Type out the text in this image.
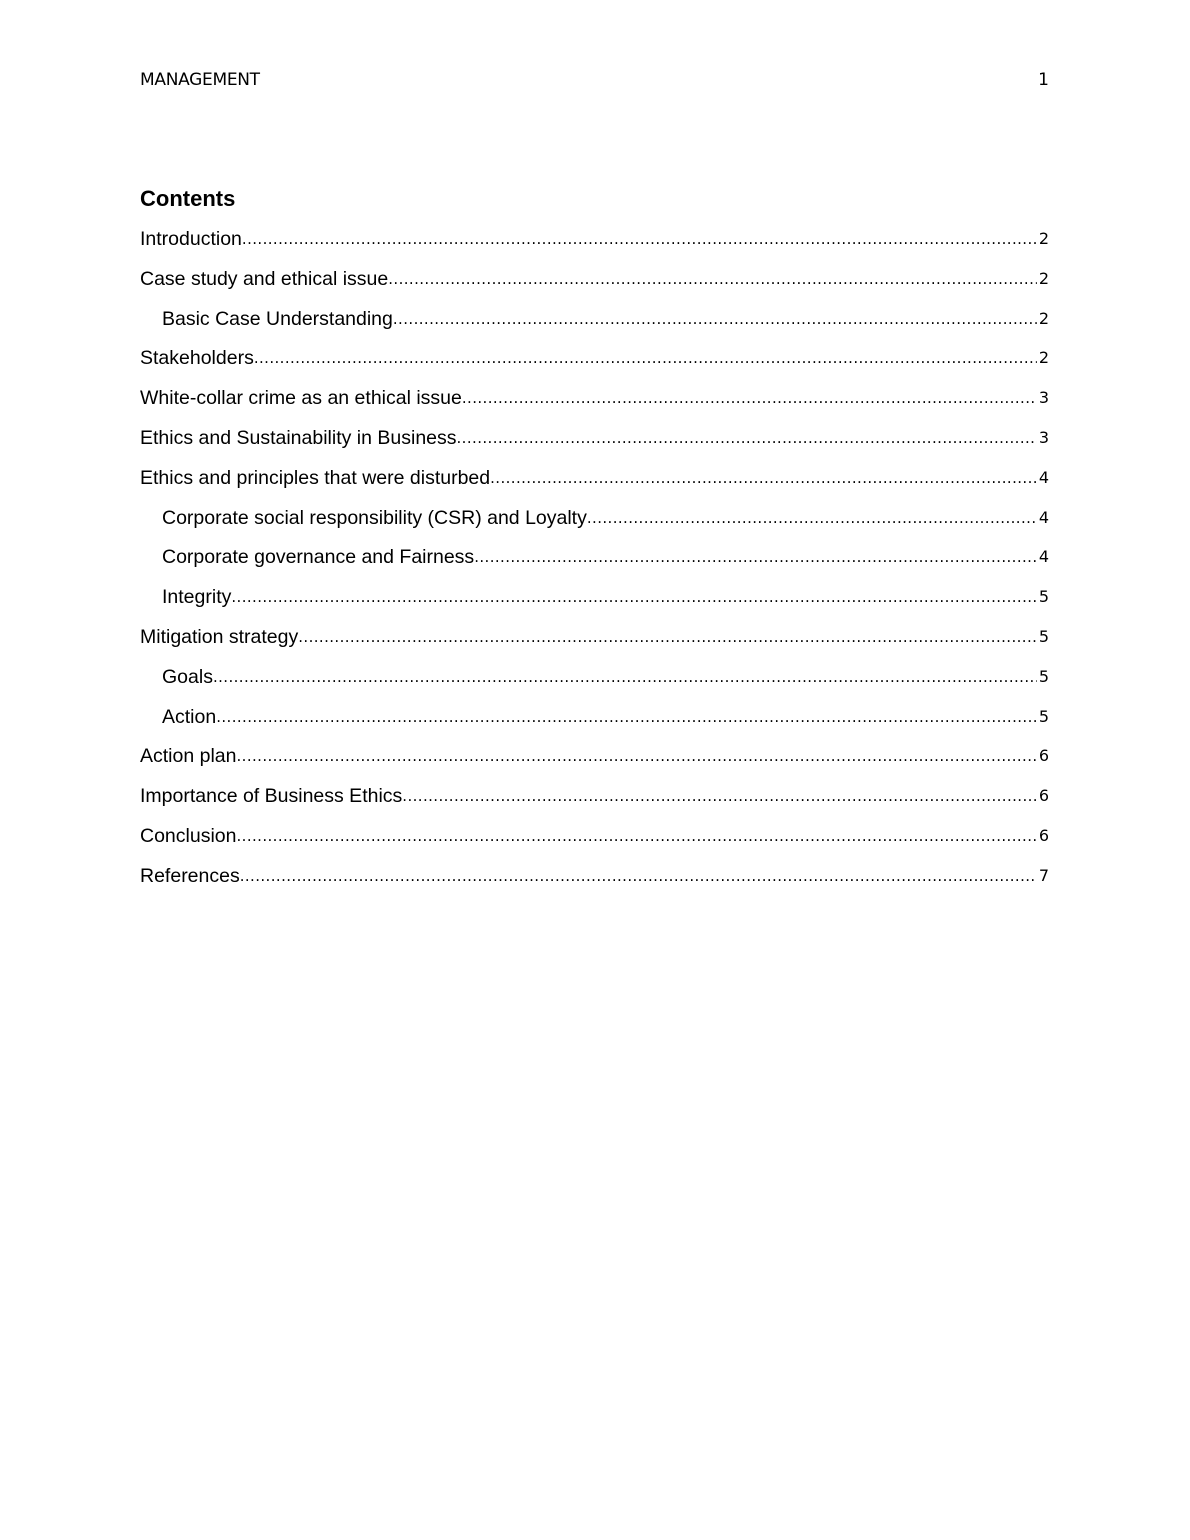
MANAGEMENT	1
Contents
Introduction .....	2
Case study and ethical issue .....	2
Basic Case Understanding .....	2
Stakeholders .....	2
White-collar crime as an ethical issue .....	3
Ethics and Sustainability in Business .....	3
Ethics and principles that were disturbed .....	4
Corporate social responsibility (CSR) and Loyalty .....	4
Corporate governance and Fairness .....	4
Integrity .....	5
Mitigation strategy .....	5
Goals .....	5
Action .....	5
Action plan .....	6
Importance of Business Ethics .....	6
Conclusion .....	6
References .....	7
